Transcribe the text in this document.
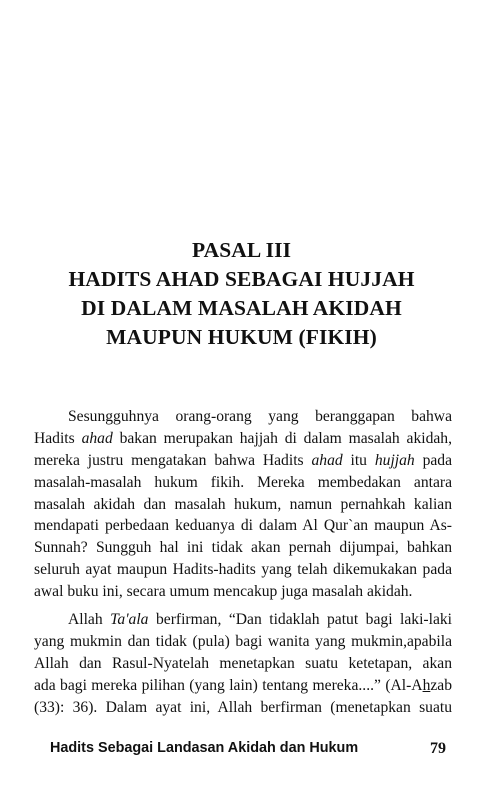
PASAL III
HADITS AHAD SEBAGAI HUJJAH
DI DALAM MASALAH AKIDAH
MAUPUN HUKUM (FIKIH)
Sesungguhnya orang-orang yang beranggapan bahwa
Hadits ahad bakan merupakan hajjah di dalam masalah akidah,
mereka justru mengatakan bahwa Hadits ahad itu hujjah pada
masalah-masalah hukum fikih. Mereka membedakan antara
masalah akidah dan masalah hukum, namun pernahkah kalian
mendapati perbedaan keduanya di dalam Al Qur`an maupun As-
Sunnah? Sungguh hal ini tidak akan pernah dijumpai, bahkan
seluruh ayat maupun Hadits-hadits yang telah dikemukakan pada
awal buku ini, secara umum mencakup juga masalah akidah.
Allah Ta'ala berfirman, “Dan tidaklah patut bagi laki-laki
yang mukmin dan tidak (pula) bagi wanita yang mukmin,apabila
Allah dan Rasul-Nyatelah menetapkan suatu ketetapan, akan
ada bagi mereka pilihan (yang lain) tentang mereka....” (Al-Ahzab
(33): 36). Dalam ayat ini, Allah berfirman (menetapkan suatu
Hadits Sebagai Landasan Akidah dan Hukum	79
